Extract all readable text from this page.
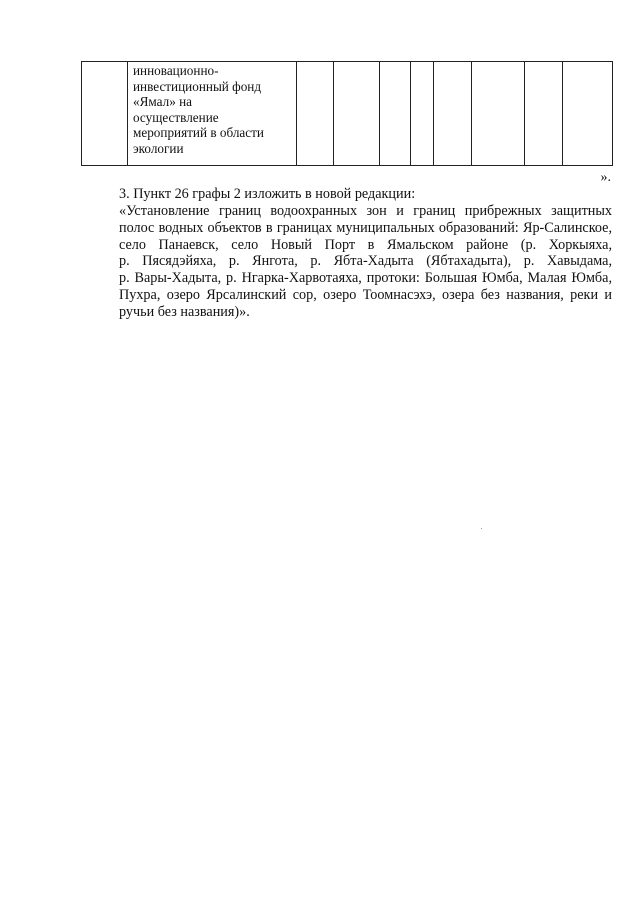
инновационно-
инвестиционный фонд
«Ямал» на
осуществление
мероприятий в области
экологии

».
3. Пункт 26 графы 2 изложить в новой редакции:
«Установление границ водоохранных зон и границ прибрежных защитных
полос водных объектов в границах муниципальных образований: Яр-Салинское,
село Панаевск, село Новый Порт в Ямальском районе (р. Хоркыяха,
р. Пясядэйяха, р. Янгота, р. Ябта-Хадыта (Ябтахадыта), р. Хавыдама,
р. Вары-Хадыта, р. Нгарка-Харвотаяха, протоки: Большая Юмба, Малая Юмба,
Пухра, озеро Ярсалинский сор, озеро Тоомнасэхэ, озера без названия, реки и
ручьи без названия)».
